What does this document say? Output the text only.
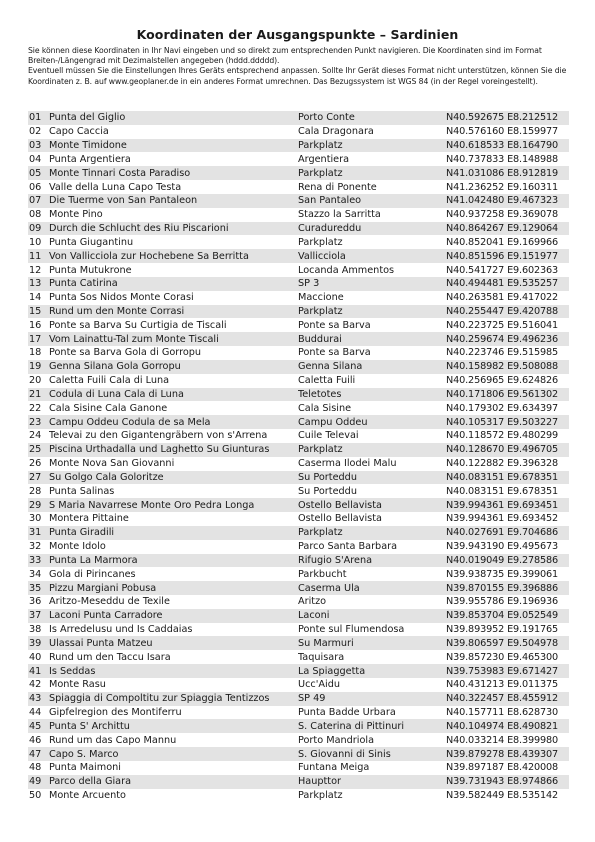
Koordinaten der Ausgangspunkte – Sardinien

Sie können diese Koordinaten in Ihr Navi eingeben und so direkt zum entsprechenden Punkt navigieren. Die Koordinaten sind im Format Breiten-/Längengrad mit Dezimalstellen angegeben (hddd.ddddd).

Eventuell müssen Sie die Einstellungen Ihres Geräts entsprechend anpassen. Sollte Ihr Gerät dieses Format nicht unterstützen, können Sie die Koordinaten z. B. auf www.geoplaner.de in ein anderes Format umrechnen. Das Bezugssystem ist WGS 84 (in der Regel voreingestellt).

01 Punta del Giglio	Porto Conte	N40.592675 E8.212512
02 Capo Caccia	Cala Dragonara	N40.576160 E8.159977
03 Monte Timidone	Parkplatz	N40.618533 E8.164790
04 Punta Argentiera	Argentiera	N40.737833 E8.148988
05 Monte Tinnari Costa Paradiso	Parkplatz	N41.031086 E8.912819
06 Valle della Luna Capo Testa	Rena di Ponente	N41.236252 E9.160311
07 Die Tuerme von San Pantaleon	San Pantaleo	N41.042480 E9.467323
08 Monte Pino	Stazzo la Sarritta	N40.937258 E9.369078
09 Durch die Schlucht des Riu Piscarioni	Curadureddu	N40.864267 E9.129064
10 Punta Giugantinu	Parkplatz	N40.852041 E9.169966
11 Von Vallicciola zur Hochebene Sa Berritta	Vallicciola	N40.851596 E9.151977
12 Punta Mutukrone	Locanda Ammentos	N40.541727 E9.602363
13 Punta Catirina	SP 3	N40.494481 E9.535257
14 Punta Sos Nidos Monte Corasi	Maccione	N40.263581 E9.417022
15 Rund um den Monte Corrasi	Parkplatz	N40.255447 E9.420788
16 Ponte sa Barva Su Curtigia de Tiscali	Ponte sa Barva	N40.223725 E9.516041
17 Vom Lainattu-Tal zum Monte Tiscali	Buddurai	N40.259674 E9.496236
18 Ponte sa Barva Gola di Gorropu	Ponte sa Barva	N40.223746 E9.515985
19 Genna Silana Gola Gorropu	Genna Silana	N40.158982 E9.508088
20 Caletta Fuili Cala di Luna	Caletta Fuili	N40.256965 E9.624826
21 Codula di Luna Cala di Luna	Teletotes	N40.171806 E9.561302
22 Cala Sisine Cala Ganone	Cala Sisine	N40.179302 E9.634397
23 Campu Oddeu Codula de sa Mela	Campu Oddeu	N40.105317 E9.503227
24 Televai zu den Gigantengräbern von s'Arrena	Cuile Televai	N40.118572 E9.480299
25 Piscina Urthadalla und Laghetto Su Giunturas	Parkplatz	N40.128670 E9.496705
26 Monte Nova San Giovanni	Caserma Ilodei Malu	N40.122882 E9.396328
27 Su Golgo Cala Goloritze	Su Porteddu	N40.083151 E9.678351
28 Punta Salinas	Su Porteddu	N40.083151 E9.678351
29 S Maria Navarrese Monte Oro Pedra Longa	Ostello Bellavista	N39.994361 E9.693451
30 Montera Pittaine	Ostello Bellavista	N39.994361 E9.693452
31 Punta Giradili	Parkplatz	N40.027691 E9.704686
32 Monte Idolo	Parco Santa Barbara	N39.943190 E9.495673
33 Punta La Marmora	Rifugio S'Arena	N40.019049 E9.278586
34 Gola di Pirincanes	Parkbucht	N39.938735 E9.399061
35 Pizzu Margiani Pobusa	Caserma Ula	N39.870155 E9.396886
36 Aritzo-Meseddu de Texile	Aritzo	N39.955786 E9.196936
37 Laconi Punta Carradore	Laconi	N39.853704 E9.052549
38 Is Arredelusu und Is Caddaias	Ponte sul Flumendosa	N39.893952 E9.191765
39 Ulassai Punta Matzeu	Su Marmuri	N39.806597 E9.504978
40 Rund um den Taccu Isara	Taquisara	N39.857230 E9.465300
41 Is Seddas	La Spiaggetta	N39.753983 E9.671427
42 Monte Rasu	Ucc'Aidu	N40.431213 E9.011375
43 Spiaggia di Compoltitu zur Spiaggia Tentizzos	SP 49	N40.322457 E8.455912
44 Gipfelregion des Montiferru	Punta Badde Urbara	N40.157711 E8.628730
45 Punta S' Archittu	S. Caterina di Pittinuri	N40.104974 E8.490821
46 Rund um das Capo Mannu	Porto Mandriola	N40.033214 E8.399980
47 Capo S. Marco	S. Giovanni di Sinis	N39.879278 E8.439307
48 Punta Maimoni	Funtana Meiga	N39.897187 E8.420008
49 Parco della Giara	Haupttor	N39.731943 E8.974866
50 Monte Arcuento	Parkplatz	N39.582449 E8.535142
